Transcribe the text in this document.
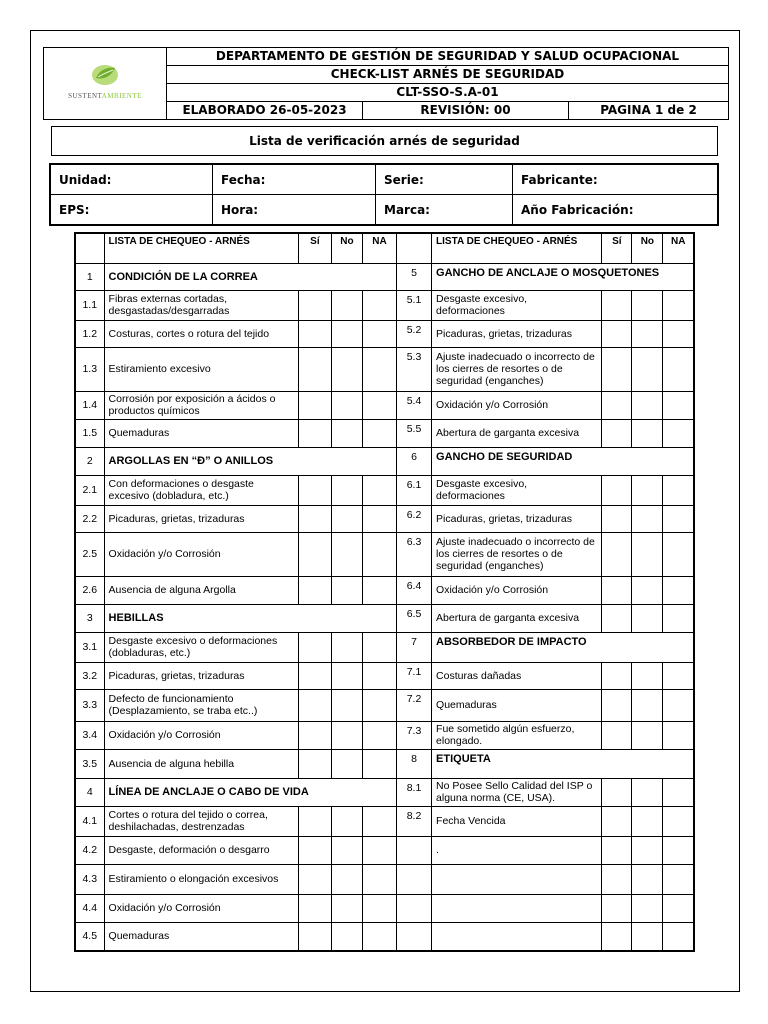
SUSTENTAMBIENTE	DEPARTAMENTO DE GESTIÓN DE SEGURIDAD Y SALUD OCUPACIONAL		
	CHECK-LIST ARNÉS DE SEGURIDAD		
	CLT-SSO-S.A-01		
	ELABORADO 26-05-2023	REVISIÓN: 00	PAGINA 1 de 2
Lista de verificación arnés de seguridad
Unidad:	Fecha:	Serie:	Fabricante:
EPS:	Hora:	Marca:	Año Fabricación:
	LISTA DE CHEQUEO - ARNÉS	Sí	No	NA		LISTA DE CHEQUEO - ARNÉS	Sí	No	NA
1	CONDICIÓN DE LA CORREA				5	GANCHO DE ANCLAJE O MOSQUETONES			
1.1	Fibras externas cortadas, desgastadas/desgarradas				5.1	Desgaste excesivo, deformaciones			
1.2	Costuras, cortes o rotura del tejido				5.2	Picaduras, grietas, trizaduras			
1.3	Estiramiento excesivo				5.3	Ajuste inadecuado o incorrecto de los cierres de resortes o de seguridad (enganches)			
1.4	Corrosión por exposición a ácidos o productos químicos				5.4	Oxidación y/o Corrosión			
1.5	Quemaduras				5.5	Abertura de garganta excesiva			
2	ARGOLLAS EN “Ð” O ANILLOS				6	GANCHO DE SEGURIDAD			
2.1	Con deformaciones o desgaste excesivo (dobladura, etc.)				6.1	Desgaste excesivo, deformaciones			
2.2	Picaduras, grietas, trizaduras				6.2	Picaduras, grietas, trizaduras			
2.5	Oxidación y/o Corrosión				6.3	Ajuste inadecuado o incorrecto de los cierres de resortes o de seguridad (enganches)			
2.6	Ausencia de alguna Argolla				6.4	Oxidación y/o Corrosión			
3	HEBILLAS				6.5	Abertura de garganta excesiva			
3.1	Desgaste excesivo o deformaciones (dobladuras, etc.)				7	ABSORBEDOR DE IMPACTO			
3.2	Picaduras, grietas, trizaduras				7.1	Costuras dañadas			
3.3	Defecto de funcionamiento (Desplazamiento, se traba etc..)				7.2	Quemaduras			
3.4	Oxidación y/o Corrosión				7.3	Fue sometido algún esfuerzo, elongado.			
3.5	Ausencia de alguna hebilla				8	ETIQUETA			
4	LÍNEA DE ANCLAJE O CABO DE VIDA				8.1	No Posee Sello Calidad del ISP o alguna norma (CE, USA).			
4.1	Cortes o rotura del tejido o correa, deshilachadas, destrenzadas				8.2	Fecha Vencida			
4.2	Desgaste, deformación o desgarro					.			
4.3	Estiramiento o elongación excesivos								
4.4	Oxidación y/o Corrosión								
4.5	Quemaduras								
